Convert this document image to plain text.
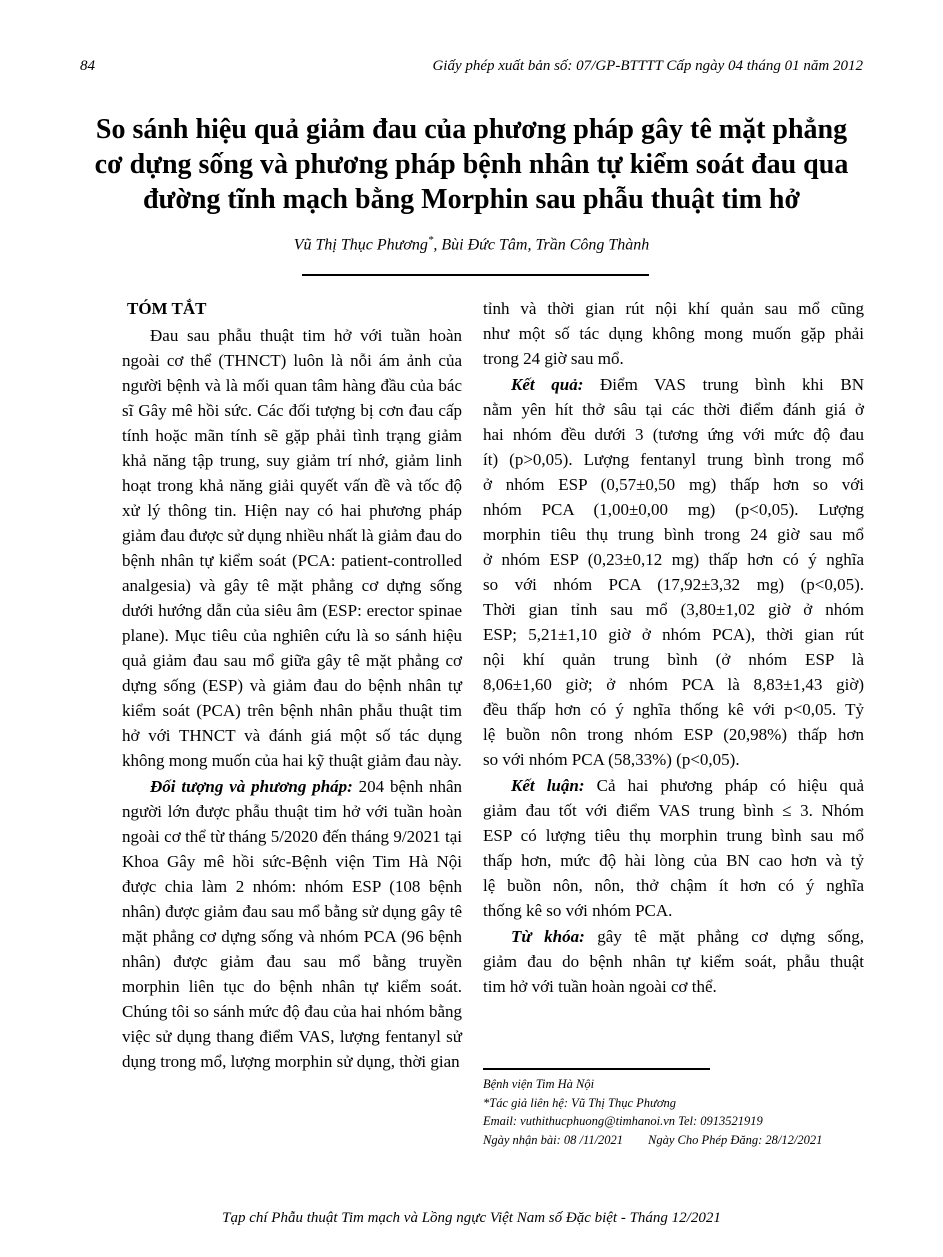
84	Giấy phép xuất bản số: 07/GP-BTTTT Cấp ngày 04 tháng 01 năm 2012
So sánh hiệu quả giảm đau của phương pháp gây tê mặt phẳng
cơ dựng sống và phương pháp bệnh nhân tự kiểm soát đau qua
đường tĩnh mạch bằng Morphin sau phẫu thuật tim hở
Vũ Thị Thục Phương*, Bùi Đức Tâm, Trần Công Thành
TÓM TẮT
Đau sau phẫu thuật tim hở với tuần hoàn
ngoài cơ thể (THNCT) luôn là nỗi ám ảnh của
người bệnh và là mối quan tâm hàng đầu của bác
sĩ Gây mê hồi sức. Các đối tượng bị cơn đau cấp
tính hoặc mãn tính sẽ gặp phải tình trạng giảm
khả năng tập trung, suy giảm trí nhớ, giảm linh
hoạt trong khả năng giải quyết vấn đề và tốc độ
xử lý thông tin. Hiện nay có hai phương pháp
giảm đau được sử dụng nhiều nhất là giảm đau do
bệnh nhân tự kiểm soát (PCA: patient-controlled
analgesia) và gây tê mặt phẳng cơ dựng sống
dưới hướng dẫn của siêu âm (ESP: erector spinae
plane). Mục tiêu của nghiên cứu là so sánh hiệu
quả giảm đau sau mổ giữa gây tê mặt phẳng cơ
dựng sống (ESP) và giảm đau do bệnh nhân tự
kiểm soát (PCA) trên bệnh nhân phẫu thuật tim
hở với THNCT và đánh giá một số tác dụng
không mong muốn của hai kỹ thuật giảm đau này.
Đối tượng và phương pháp: 204 bệnh nhân
người lớn được phẫu thuật tim hở với tuần hoàn
ngoài cơ thể từ tháng 5/2020 đến tháng 9/2021 tại
Khoa Gây mê hồi sức-Bệnh viện Tim Hà Nội
được chia làm 2 nhóm: nhóm ESP (108 bệnh
nhân) được giảm đau sau mổ bằng sử dụng gây tê
mặt phẳng cơ dựng sống và nhóm PCA (96 bệnh
nhân) được giảm đau sau mổ bằng truyền
morphin liên tục do bệnh nhân tự kiểm soát.
Chúng tôi so sánh mức độ đau của hai nhóm bằng
việc sử dụng thang điểm VAS, lượng fentanyl sử
dụng trong mổ, lượng morphin sử dụng, thời gian
tỉnh và thời gian rút nội khí quản sau mổ cũng
như một số tác dụng không mong muốn gặp phải
trong 24 giờ sau mổ.
Kết quả: Điểm VAS trung bình khi BN
nằm yên hít thở sâu tại các thời điểm đánh giá ở
hai nhóm đều dưới 3 (tương ứng với mức độ đau
ít) (p>0,05). Lượng fentanyl trung bình trong mổ
ở nhóm ESP (0,57±0,50 mg) thấp hơn so với
nhóm PCA (1,00±0,00 mg) (p<0,05). Lượng
morphin tiêu thụ trung bình trong 24 giờ sau mổ
ở nhóm ESP (0,23±0,12 mg) thấp hơn có ý nghĩa
so với nhóm PCA (17,92±3,32 mg) (p<0,05).
Thời gian tỉnh sau mổ (3,80±1,02 giờ ở nhóm
ESP; 5,21±1,10 giờ ở nhóm PCA), thời gian rút
nội khí quản trung bình (ở nhóm ESP là
8,06±1,60 giờ; ở nhóm PCA là 8,83±1,43 giờ)
đều thấp hơn có ý nghĩa thống kê với p<0,05. Tỷ
lệ buồn nôn trong nhóm ESP (20,98%) thấp hơn
so với nhóm PCA (58,33%) (p<0,05).
Kết luận: Cả hai phương pháp có hiệu quả
giảm đau tốt với điểm VAS trung bình ≤ 3. Nhóm
ESP có lượng tiêu thụ morphin trung bình sau mổ
thấp hơn, mức độ hài lòng của BN cao hơn và tỷ
lệ buồn nôn, nôn, thở chậm ít hơn có ý nghĩa
thống kê so với nhóm PCA.
Từ khóa: gây tê mặt phẳng cơ dựng sống,
giảm đau do bệnh nhân tự kiểm soát, phẫu thuật
tim hở với tuần hoàn ngoài cơ thể.
Bệnh viện Tim Hà Nội
*Tác giả liên hệ: Vũ Thị Thục Phương
Email: vuthithucphuong@timhanoi.vn Tel: 0913521919
Ngày nhận bài: 08 /11/2021        Ngày Cho Phép Đăng: 28/12/2021
Tạp chí Phẫu thuật Tim mạch và Lồng ngực Việt Nam số Đặc biệt - Tháng 12/2021
